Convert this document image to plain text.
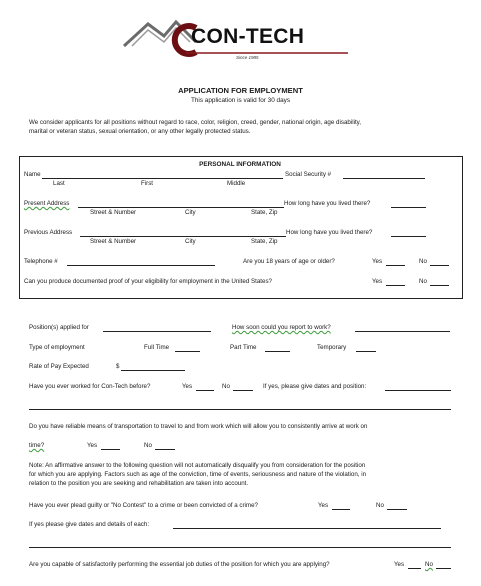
CON-TECH
Since 1985
APPLICATION FOR EMPLOYMENT
This application is valid for 30 days
We consider applicants for all positions without regard to race, color, religion, creed, gender, national origin, age disability,
marital or veteran status, sexual orientation, or any other legally protected status.
PERSONAL INFORMATION
Name	Social Security #
Last	First	Middle
Present Address	How long have you lived there?
Street & Number	City	State, Zip
Previous Address	How long have you lived there?
Street & Number	City	State, Zip
Telephone #	Are you 18 years of age or older?	Yes	No
Can you produce documented proof of your eligibility for employment in the United States?	Yes	No
Position(s) applied for	How soon could you report to work?
Type of employment	Full Time	Part Time	Temporary
Rate of Pay Expected	$
Have you ever worked for Con-Tech before?	Yes	No	If yes, please give dates and position:
Do you have reliable means of transportation to travel to and from work which will allow you to consistently arrive at work on
time?	Yes	No
Note: An affirmative answer to the following question will not automatically disqualify you from consideration for the position
for which you are applying. Factors such as age of the conviction, time of events, seriousness and nature of the violation, in
relation to the position you are seeking and rehabilitation are taken into account.
Have you ever plead guilty or "No Contest" to a crime or been convicted of a crime?	Yes	No
If yes please give dates and details of each:
Are you capable of satisfactorily performing the essential job duties of the position for which you are applying?	Yes	No
